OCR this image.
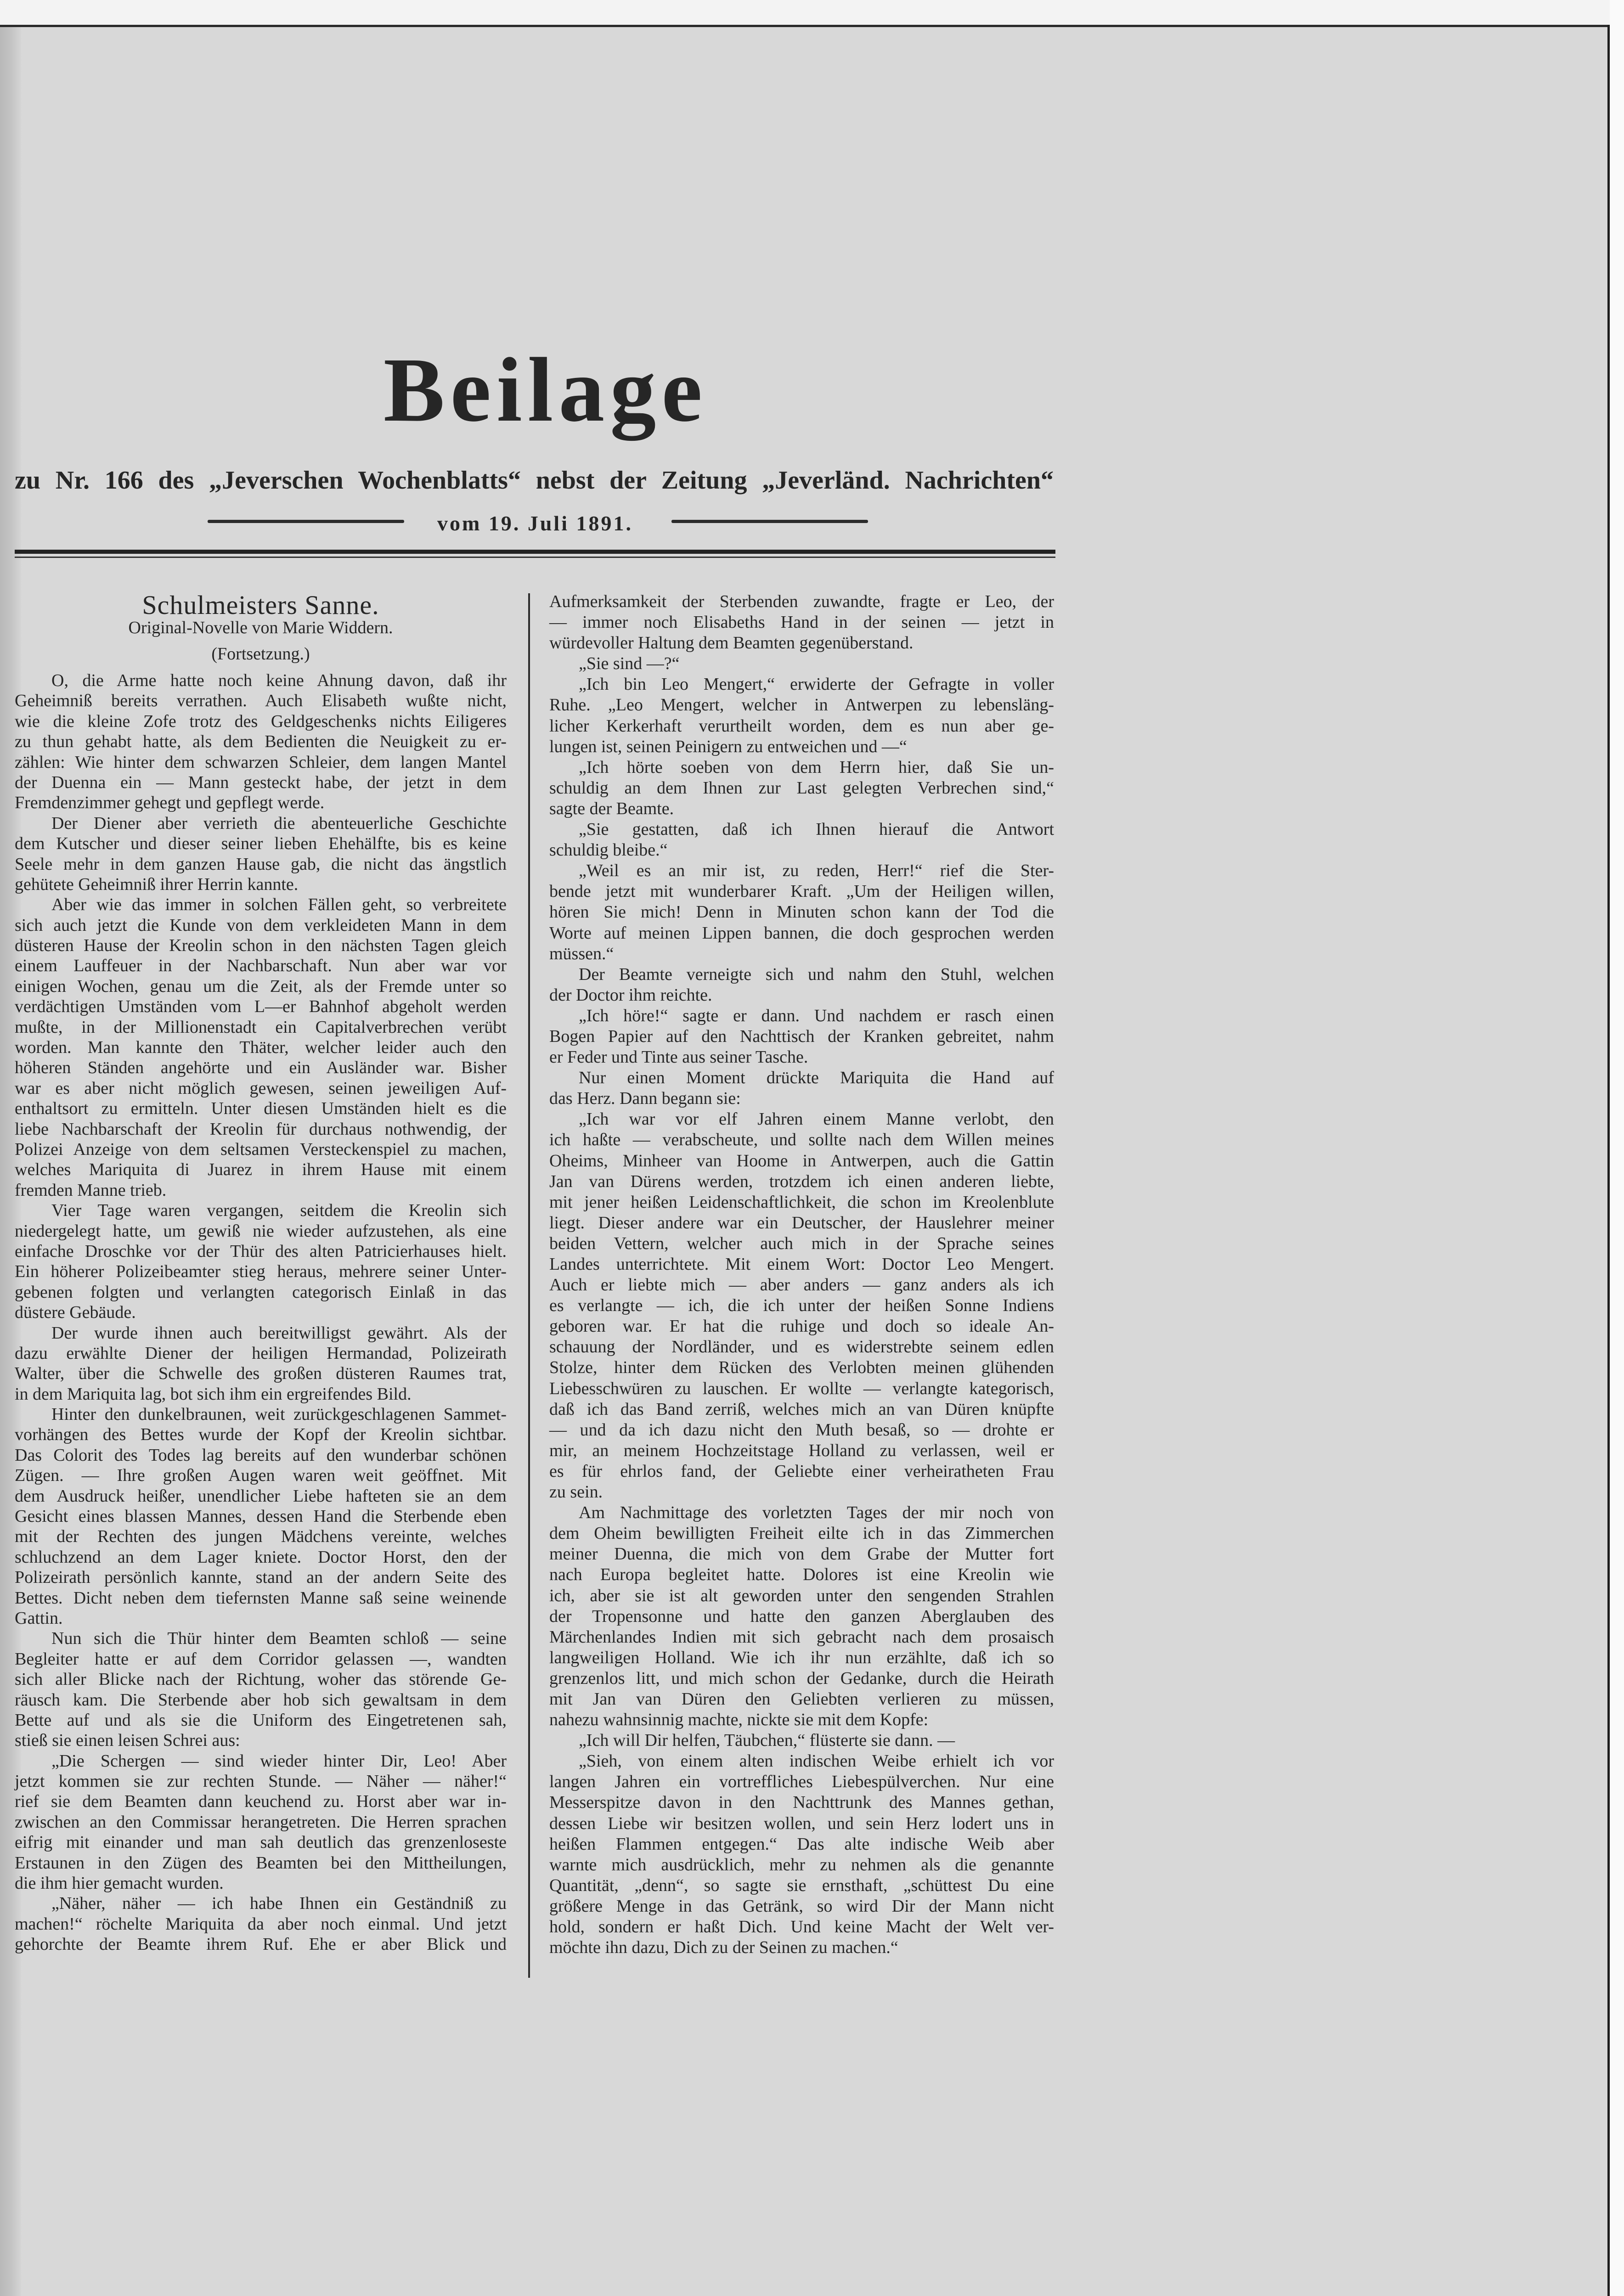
Beilage
zu Nr. 166 des „Jeverschen Wochenblatts“ nebst der Zeitung „Jeverländ. Nachrichten“
vom 19. Juli 1891.
Schulmeisters Sanne.
Original-Novelle von Marie Widdern.
(Fortsetzung.)
O, die Arme hatte noch keine Ahnung davon, daß ihr
Geheimniß bereits verrathen. Auch Elisabeth wußte nicht,
wie die kleine Zofe trotz des Geldgeschenks nichts Eiligeres
zu thun gehabt hatte, als dem Bedienten die Neuigkeit zu er-
zählen: Wie hinter dem schwarzen Schleier, dem langen Mantel
der Duenna ein — Mann gesteckt habe, der jetzt in dem
Fremdenzimmer gehegt und gepflegt werde.
Der Diener aber verrieth die abenteuerliche Geschichte
dem Kutscher und dieser seiner lieben Ehehälfte, bis es keine
Seele mehr in dem ganzen Hause gab, die nicht das ängstlich
gehütete Geheimniß ihrer Herrin kannte.
Aber wie das immer in solchen Fällen geht, so verbreitete
sich auch jetzt die Kunde von dem verkleideten Mann in dem
düsteren Hause der Kreolin schon in den nächsten Tagen gleich
einem Lauffeuer in der Nachbarschaft. Nun aber war vor
einigen Wochen, genau um die Zeit, als der Fremde unter so
verdächtigen Umständen vom L—er Bahnhof abgeholt werden
mußte, in der Millionenstadt ein Capitalverbrechen verübt
worden. Man kannte den Thäter, welcher leider auch den
höheren Ständen angehörte und ein Ausländer war. Bisher
war es aber nicht möglich gewesen, seinen jeweiligen Auf-
enthaltsort zu ermitteln. Unter diesen Umständen hielt es die
liebe Nachbarschaft der Kreolin für durchaus nothwendig, der
Polizei Anzeige von dem seltsamen Versteckenspiel zu machen,
welches Mariquita di Juarez in ihrem Hause mit einem
fremden Manne trieb.
Vier Tage waren vergangen, seitdem die Kreolin sich
niedergelegt hatte, um gewiß nie wieder aufzustehen, als eine
einfache Droschke vor der Thür des alten Patricierhauses hielt.
Ein höherer Polizeibeamter stieg heraus, mehrere seiner Unter-
gebenen folgten und verlangten categorisch Einlaß in das
düstere Gebäude.
Der wurde ihnen auch bereitwilligst gewährt. Als der
dazu erwählte Diener der heiligen Hermandad, Polizeirath
Walter, über die Schwelle des großen düsteren Raumes trat,
in dem Mariquita lag, bot sich ihm ein ergreifendes Bild.
Hinter den dunkelbraunen, weit zurückgeschlagenen Sammet-
vorhängen des Bettes wurde der Kopf der Kreolin sichtbar.
Das Colorit des Todes lag bereits auf den wunderbar schönen
Zügen. — Ihre großen Augen waren weit geöffnet. Mit
dem Ausdruck heißer, unendlicher Liebe hafteten sie an dem
Gesicht eines blassen Mannes, dessen Hand die Sterbende eben
mit der Rechten des jungen Mädchens vereinte, welches
schluchzend an dem Lager kniete. Doctor Horst, den der
Polizeirath persönlich kannte, stand an der andern Seite des
Bettes. Dicht neben dem tiefernsten Manne saß seine weinende
Gattin.
Nun sich die Thür hinter dem Beamten schloß — seine
Begleiter hatte er auf dem Corridor gelassen —, wandten
sich aller Blicke nach der Richtung, woher das störende Ge-
räusch kam. Die Sterbende aber hob sich gewaltsam in dem
Bette auf und als sie die Uniform des Eingetretenen sah,
stieß sie einen leisen Schrei aus:
„Die Schergen — sind wieder hinter Dir, Leo! Aber
jetzt kommen sie zur rechten Stunde. — Näher — näher!“
rief sie dem Beamten dann keuchend zu. Horst aber war in-
zwischen an den Commissar herangetreten. Die Herren sprachen
eifrig mit einander und man sah deutlich das grenzenloseste
Erstaunen in den Zügen des Beamten bei den Mittheilungen,
die ihm hier gemacht wurden.
„Näher, näher — ich habe Ihnen ein Geständniß zu
machen!“ röchelte Mariquita da aber noch einmal. Und jetzt
gehorchte der Beamte ihrem Ruf. Ehe er aber Blick und
Aufmerksamkeit der Sterbenden zuwandte, fragte er Leo, der
— immer noch Elisabeths Hand in der seinen — jetzt in
würdevoller Haltung dem Beamten gegenüberstand.
„Sie sind —?“
„Ich bin Leo Mengert,“ erwiderte der Gefragte in voller
Ruhe. „Leo Mengert, welcher in Antwerpen zu lebensläng-
licher Kerkerhaft verurtheilt worden, dem es nun aber ge-
lungen ist, seinen Peinigern zu entweichen und —“
„Ich hörte soeben von dem Herrn hier, daß Sie un-
schuldig an dem Ihnen zur Last gelegten Verbrechen sind,“
sagte der Beamte.
„Sie gestatten, daß ich Ihnen hierauf die Antwort
schuldig bleibe.“
„Weil es an mir ist, zu reden, Herr!“ rief die Ster-
bende jetzt mit wunderbarer Kraft. „Um der Heiligen willen,
hören Sie mich! Denn in Minuten schon kann der Tod die
Worte auf meinen Lippen bannen, die doch gesprochen werden
müssen.“
Der Beamte verneigte sich und nahm den Stuhl, welchen
der Doctor ihm reichte.
„Ich höre!“ sagte er dann. Und nachdem er rasch einen
Bogen Papier auf den Nachttisch der Kranken gebreitet, nahm
er Feder und Tinte aus seiner Tasche.
Nur einen Moment drückte Mariquita die Hand auf
das Herz. Dann begann sie:
„Ich war vor elf Jahren einem Manne verlobt, den
ich haßte — verabscheute, und sollte nach dem Willen meines
Oheims, Minheer van Hoome in Antwerpen, auch die Gattin
Jan van Dürens werden, trotzdem ich einen anderen liebte,
mit jener heißen Leidenschaftlichkeit, die schon im Kreolenblute
liegt. Dieser andere war ein Deutscher, der Hauslehrer meiner
beiden Vettern, welcher auch mich in der Sprache seines
Landes unterrichtete. Mit einem Wort: Doctor Leo Mengert.
Auch er liebte mich — aber anders — ganz anders als ich
es verlangte — ich, die ich unter der heißen Sonne Indiens
geboren war. Er hat die ruhige und doch so ideale An-
schauung der Nordländer, und es widerstrebte seinem edlen
Stolze, hinter dem Rücken des Verlobten meinen glühenden
Liebesschwüren zu lauschen. Er wollte — verlangte kategorisch,
daß ich das Band zerriß, welches mich an van Düren knüpfte
— und da ich dazu nicht den Muth besaß, so — drohte er
mir, an meinem Hochzeitstage Holland zu verlassen, weil er
es für ehrlos fand, der Geliebte einer verheiratheten Frau
zu sein.
Am Nachmittage des vorletzten Tages der mir noch von
dem Oheim bewilligten Freiheit eilte ich in das Zimmerchen
meiner Duenna, die mich von dem Grabe der Mutter fort
nach Europa begleitet hatte. Dolores ist eine Kreolin wie
ich, aber sie ist alt geworden unter den sengenden Strahlen
der Tropensonne und hatte den ganzen Aberglauben des
Märchenlandes Indien mit sich gebracht nach dem prosaisch
langweiligen Holland. Wie ich ihr nun erzählte, daß ich so
grenzenlos litt, und mich schon der Gedanke, durch die Heirath
mit Jan van Düren den Geliebten verlieren zu müssen,
nahezu wahnsinnig machte, nickte sie mit dem Kopfe:
„Ich will Dir helfen, Täubchen,“ flüsterte sie dann. —
„Sieh, von einem alten indischen Weibe erhielt ich vor
langen Jahren ein vortreffliches Liebespülverchen. Nur eine
Messerspitze davon in den Nachttrunk des Mannes gethan,
dessen Liebe wir besitzen wollen, und sein Herz lodert uns in
heißen Flammen entgegen.“ Das alte indische Weib aber
warnte mich ausdrücklich, mehr zu nehmen als die genannte
Quantität, „denn“, so sagte sie ernsthaft, „schüttest Du eine
größere Menge in das Getränk, so wird Dir der Mann nicht
hold, sondern er haßt Dich. Und keine Macht der Welt ver-
möchte ihn dazu, Dich zu der Seinen zu machen.“
